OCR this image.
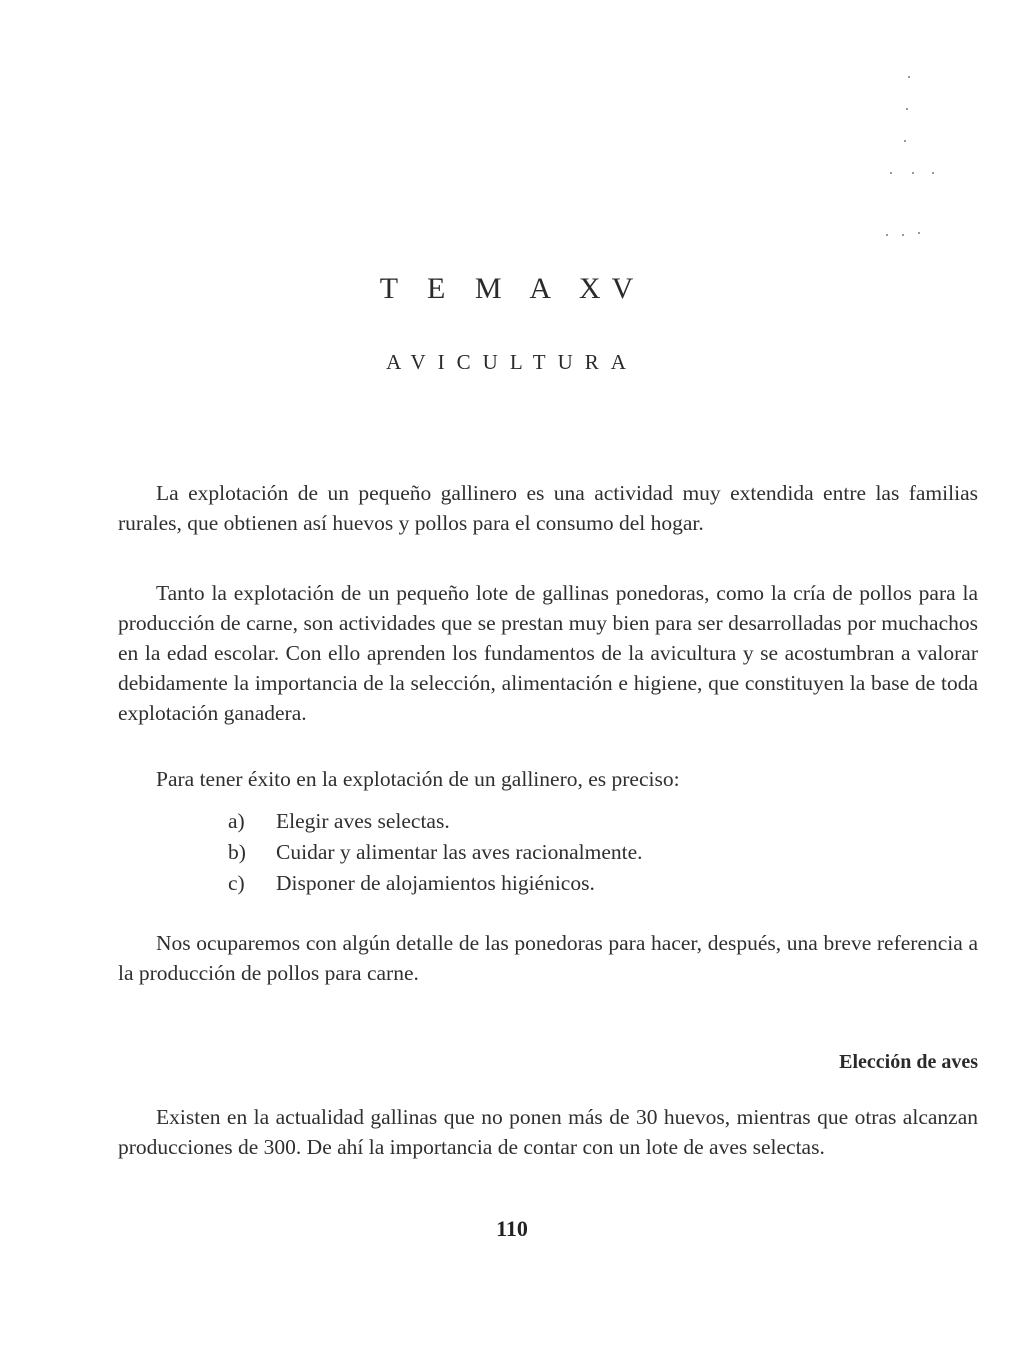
T E M A XV
AVICULTURA

La explotación de un pequeño gallinero es una actividad muy extendida entre las familias rurales, que obtienen así huevos y pollos para el consumo del hogar.

Tanto la explotación de un pequeño lote de gallinas ponedoras, como la cría de pollos para la producción de carne, son actividades que se prestan muy bien para ser desarrolladas por muchachos en la edad escolar. Con ello aprenden los fundamentos de la avicultura y se acostumbran a valorar debidamente la importancia de la selección, alimentación e higiene, que constituyen la base de toda explotación ganadera.

Para tener éxito en la explotación de un gallinero, es preciso:

a) Elegir aves selectas.
b) Cuidar y alimentar las aves racionalmente.
c) Disponer de alojamientos higiénicos.

Nos ocuparemos con algún detalle de las ponedoras para hacer, después, una breve referencia a la producción de pollos para carne.

Elección de aves

Existen en la actualidad gallinas que no ponen más de 30 huevos, mientras que otras alcanzan producciones de 300. De ahí la importancia de contar con un lote de aves selectas.

110
